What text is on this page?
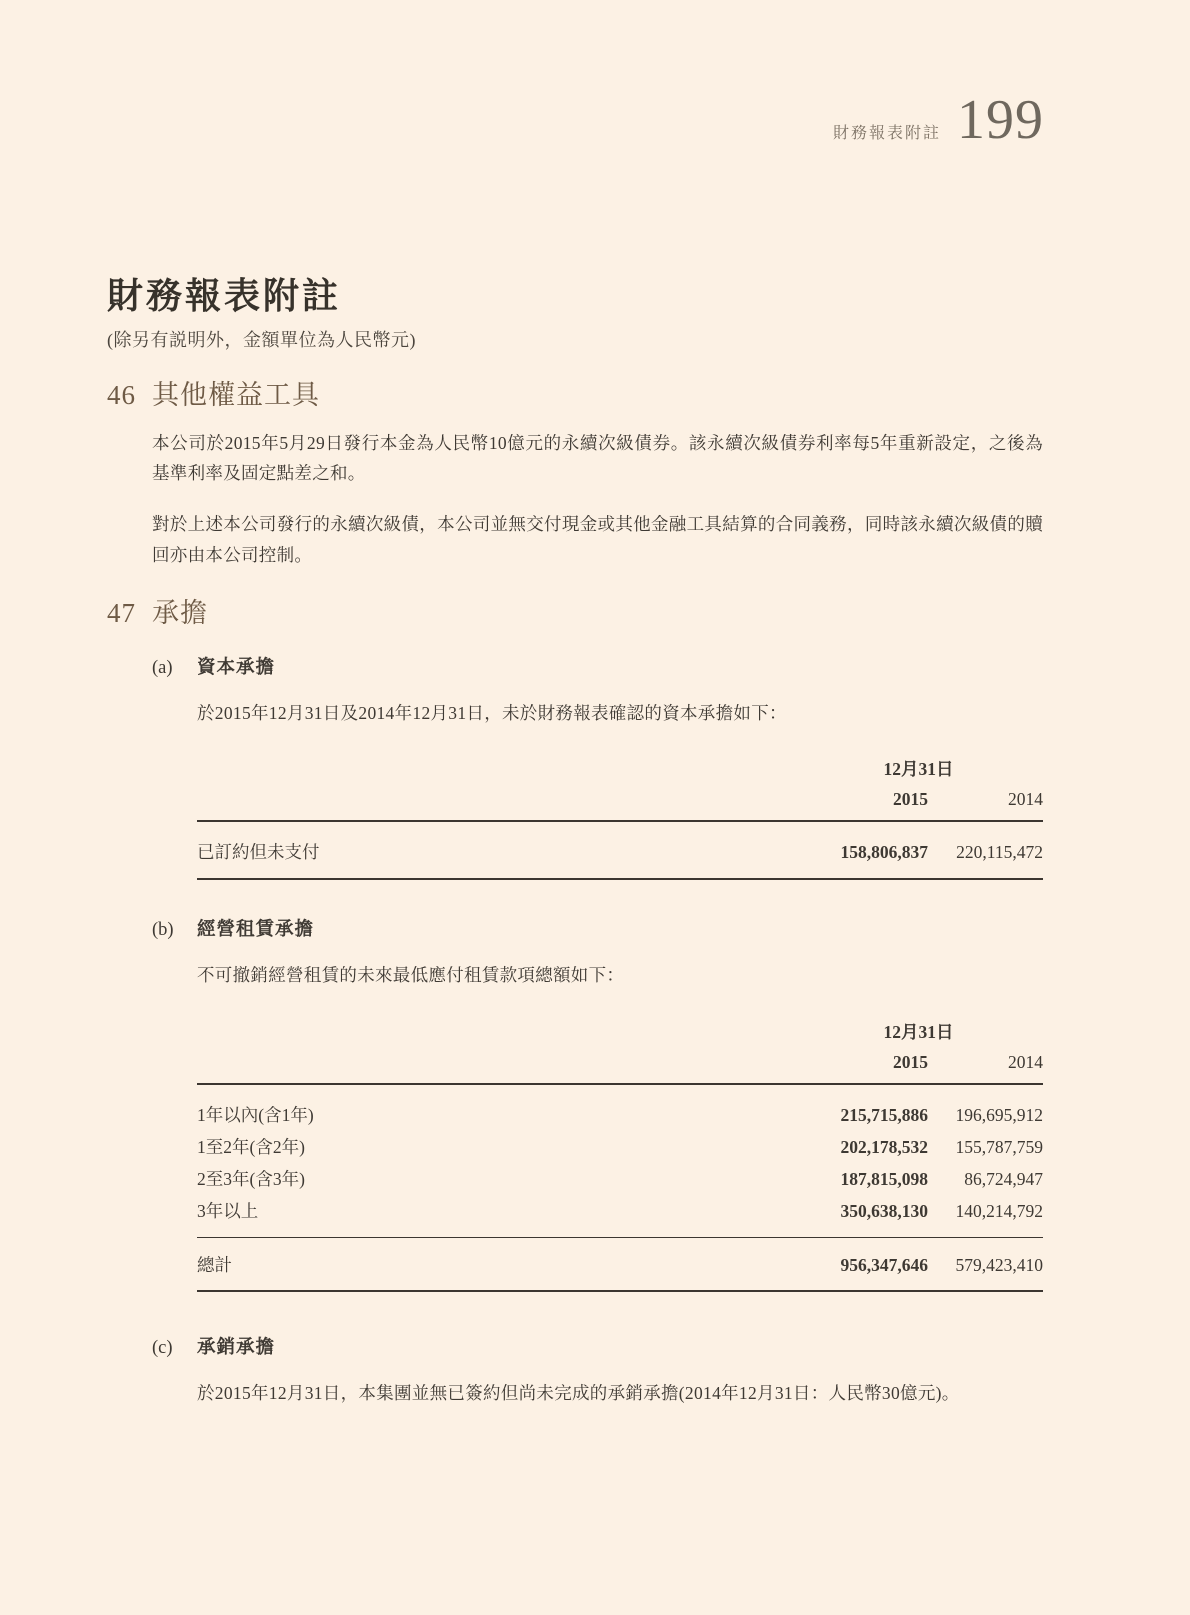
財務報表附註 199
財務報表附註
(除另有説明外，金額單位為人民幣元)
46 其他權益工具

本公司於2015年5月29日發行本金為人民幣10億元的永續次級債券。該永續次級債券利率每5年重新設定，之後為基準利率及固定點差之和。

對於上述本公司發行的永續次級債，本公司並無交付現金或其他金融工具結算的合同義務，同時該永續次級債的贖回亦由本公司控制。

47 承擔
(a)	資本承擔

於2015年12月31日及2014年12月31日，未於財務報表確認的資本承擔如下：

12月31日
2015	2014
已訂約但未支付	158,806,837	220,115,472
(b)	經營租賃承擔

不可撤銷經營租賃的未來最低應付租賃款項總額如下：

12月31日
2015	2014
1年以內(含1年)	215,715,886	196,695,912
1至2年(含2年)	202,178,532	155,787,759
2至3年(含3年)	187,815,098	86,724,947
3年以上	350,638,130	140,214,792
總計	956,347,646	579,423,410
(c)	承銷承擔

於2015年12月31日，本集團並無已簽約但尚未完成的承銷承擔(2014年12月31日：人民幣30億元)。
